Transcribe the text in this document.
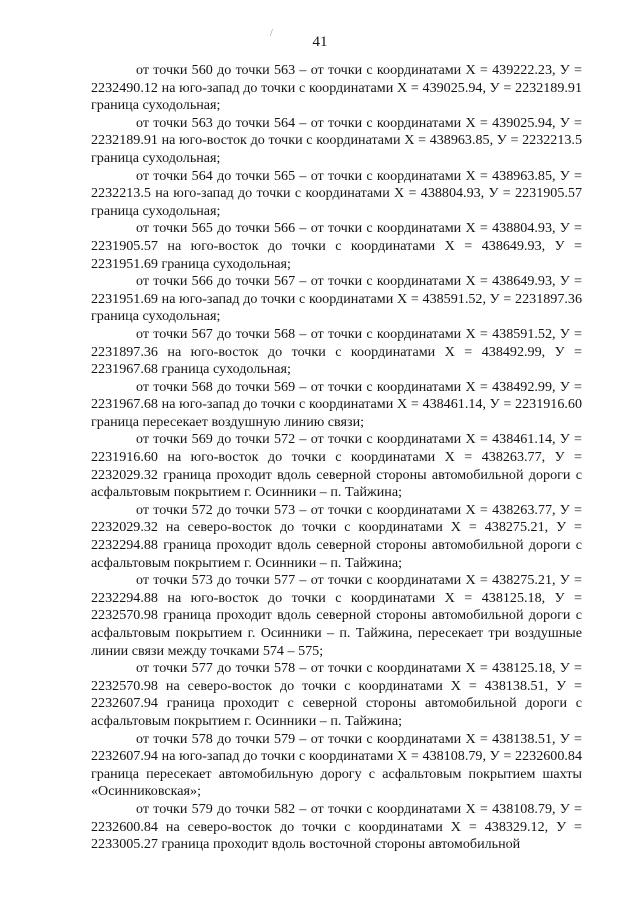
41
/

от точки 560 до точки 563 – от точки с координатами Х = 439222.23, У = 2232490.12 на юго-запад до точки с координатами Х = 439025.94, У = 2232189.91 граница суходольная;

от точки 563 до точки 564 – от точки с координатами Х = 439025.94, У = 2232189.91 на юго-восток до точки с координатами Х = 438963.85, У = 2232213.5 граница суходольная;

от точки 564 до точки 565 – от точки с координатами Х = 438963.85, У = 2232213.5 на юго-запад до точки с координатами Х = 438804.93, У = 2231905.57 граница суходольная;

от точки 565 до точки 566 – от точки с координатами Х = 438804.93, У = 2231905.57 на юго-восток до точки с координатами Х = 438649.93, У = 2231951.69 граница суходольная;

от точки 566 до точки 567 – от точки с координатами Х = 438649.93, У = 2231951.69 на юго-запад до точки с координатами Х = 438591.52, У = 2231897.36 граница суходольная;

от точки 567 до точки 568 – от точки с координатами Х = 438591.52, У = 2231897.36 на юго-восток до точки с координатами Х = 438492.99, У = 2231967.68 граница суходольная;

от точки 568 до точки 569 – от точки с координатами Х = 438492.99, У = 2231967.68 на юго-запад до точки с координатами Х = 438461.14, У = 2231916.60 граница пересекает воздушную линию связи;

от точки 569 до точки 572 – от точки с координатами Х = 438461.14, У = 2231916.60 на юго-восток до точки с координатами Х = 438263.77, У = 2232029.32 граница проходит вдоль северной стороны автомобильной дороги с асфальтовым покрытием г. Осинники – п. Тайжина;

от точки 572 до точки 573 – от точки с координатами Х = 438263.77, У = 2232029.32 на северо-восток до точки с координатами Х = 438275.21, У = 2232294.88 граница проходит вдоль северной стороны автомобильной дороги с асфальтовым покрытием г. Осинники – п. Тайжина;

от точки 573 до точки 577 – от точки с координатами Х = 438275.21, У = 2232294.88 на юго-восток до точки с координатами Х = 438125.18, У = 2232570.98 граница проходит вдоль северной стороны автомобильной дороги с асфальтовым покрытием г. Осинники – п. Тайжина, пересекает три воздушные линии связи между точками 574 – 575;

от точки 577 до точки 578 – от точки с координатами Х = 438125.18, У = 2232570.98 на северо-восток до точки с координатами Х = 438138.51, У = 2232607.94 граница проходит с северной стороны автомобильной дороги с асфальтовым покрытием г. Осинники – п. Тайжина;

от точки 578 до точки 579 – от точки с координатами Х = 438138.51, У = 2232607.94 на юго-запад до точки с координатами Х = 438108.79, У = 2232600.84 граница пересекает автомобильную дорогу с асфальтовым покрытием шахты «Осинниковская»;

от точки 579 до точки 582 – от точки с координатами Х = 438108.79, У = 2232600.84 на северо-восток до точки с координатами Х = 438329.12, У = 2233005.27 граница проходит вдоль восточной стороны автомобильной
